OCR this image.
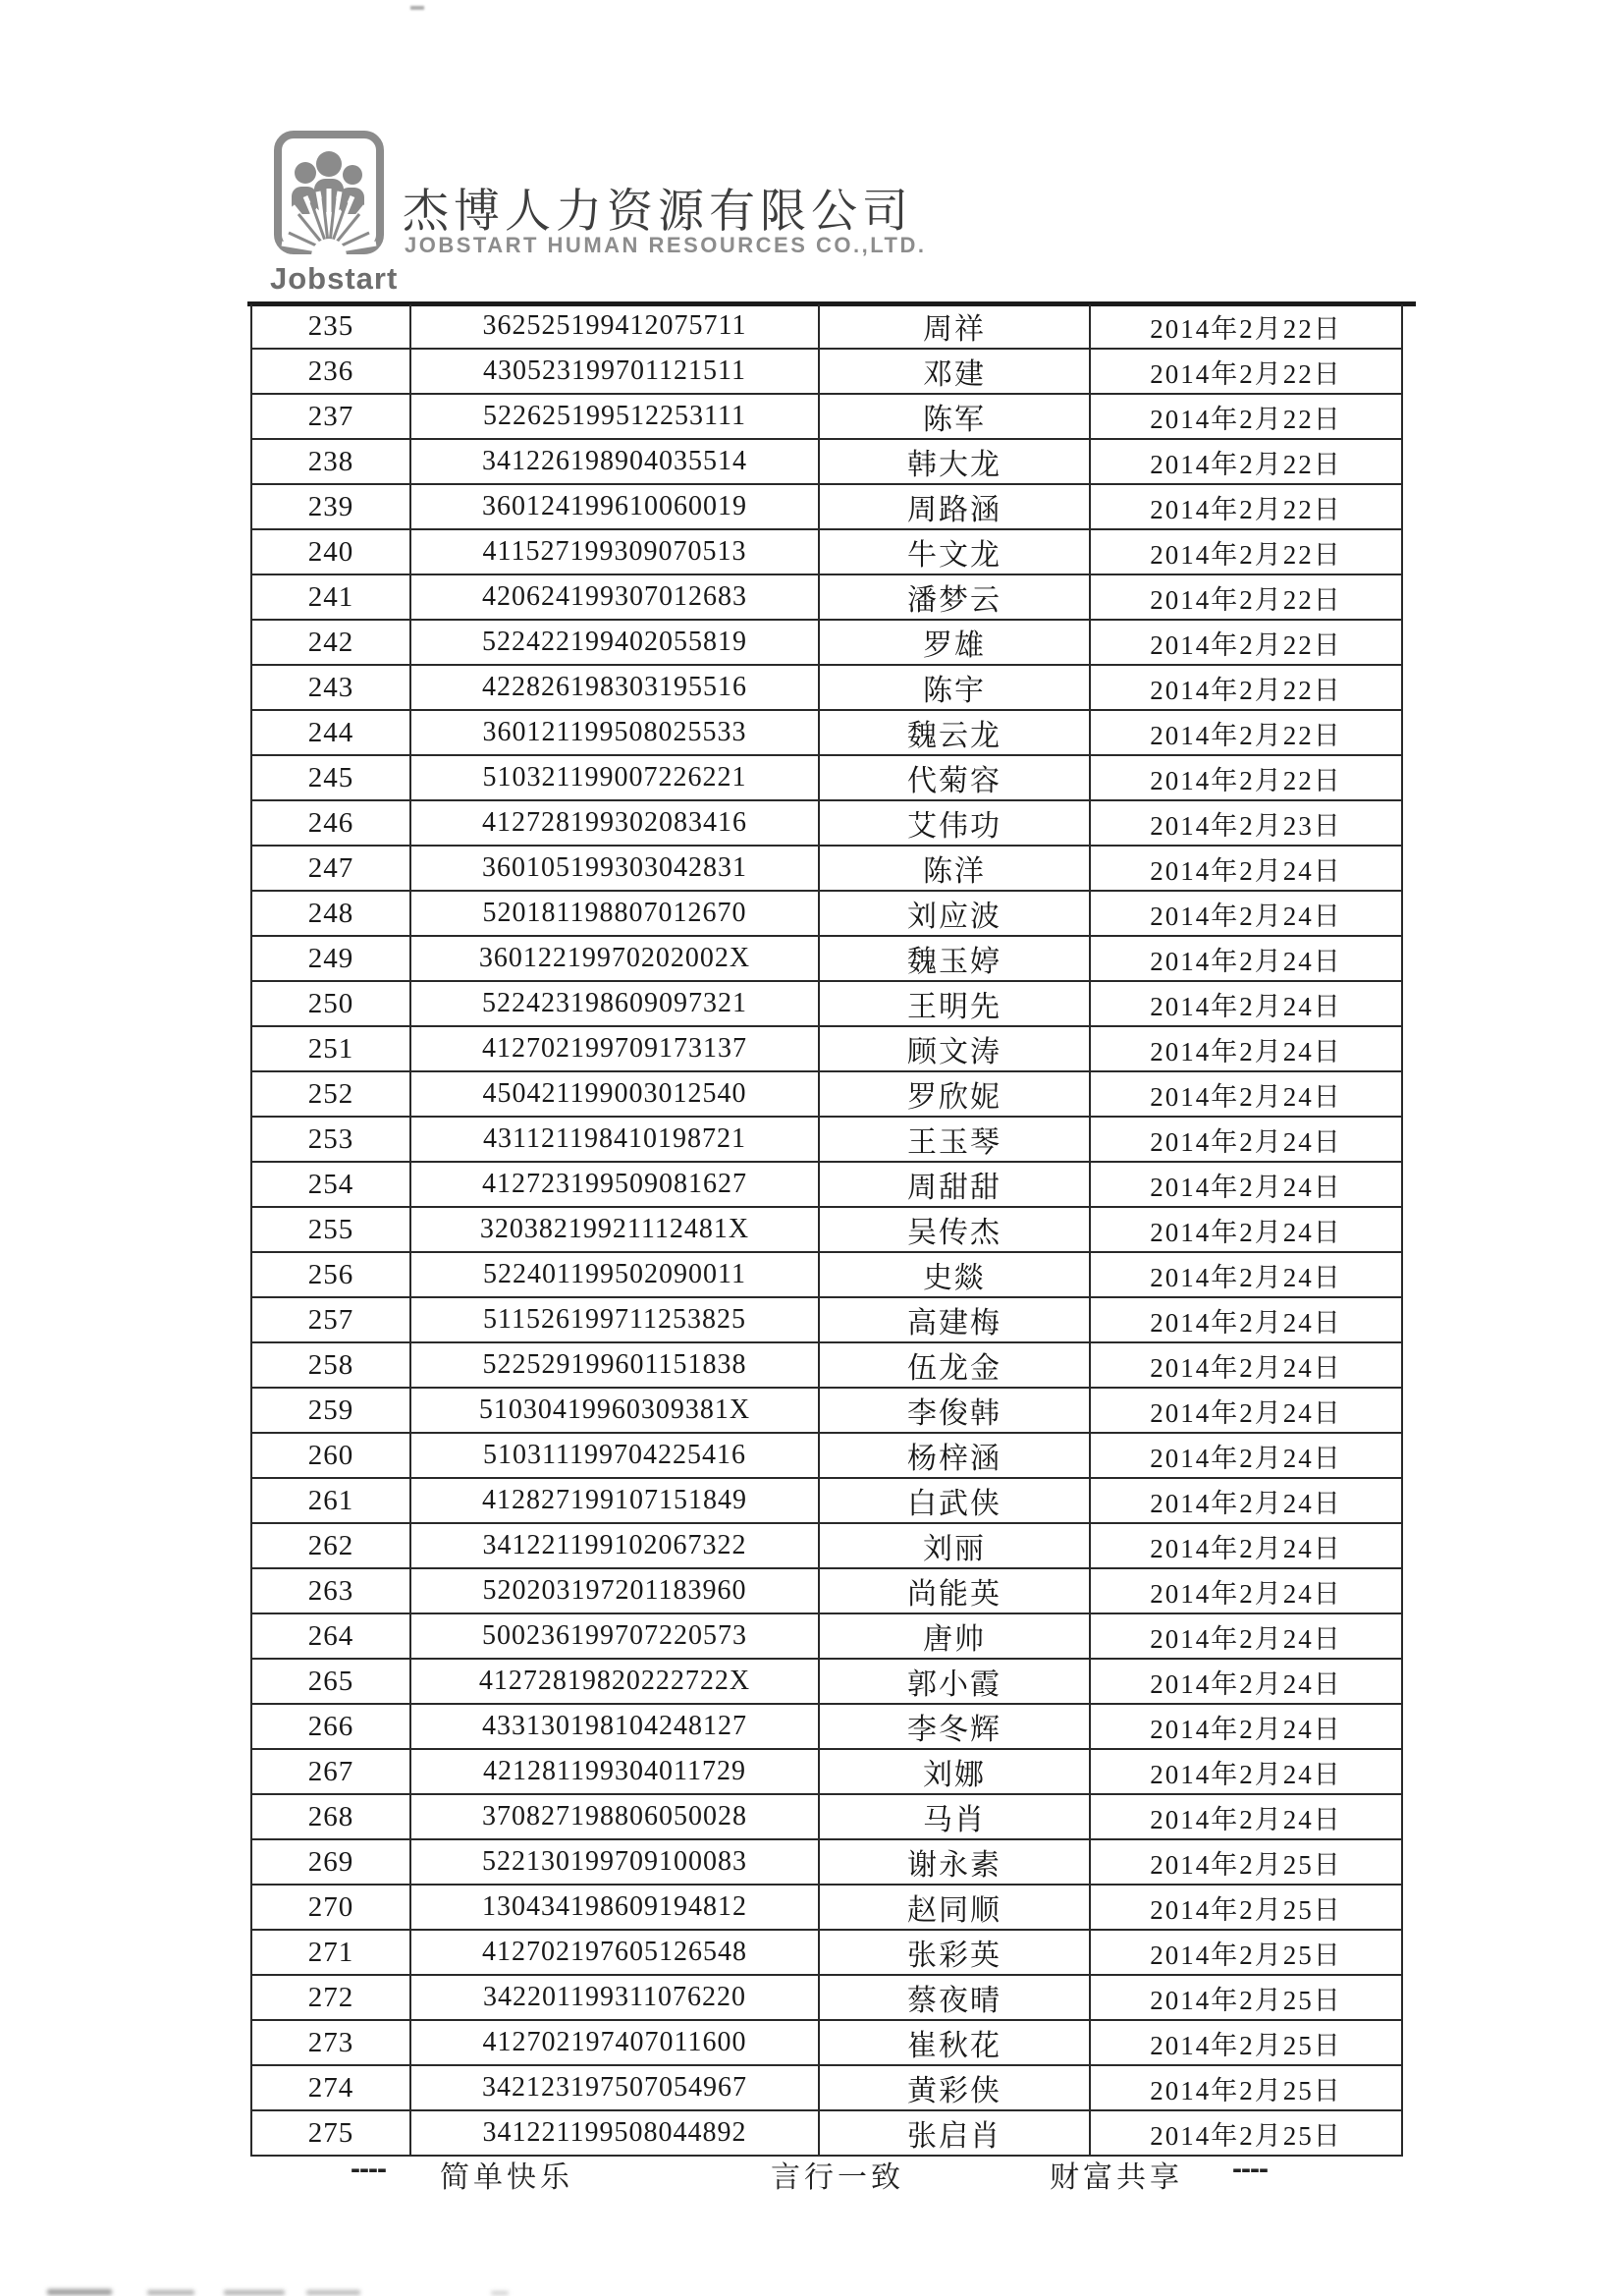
Jobstart
杰博人力资源有限公司
JOBSTART HUMAN RESOURCES CO.,LTD.
235	362525199412075711	周祥	2014年2月22日
236	430523199701121511	邓建	2014年2月22日
237	522625199512253111	陈军	2014年2月22日
238	341226198904035514	韩大龙	2014年2月22日
239	360124199610060019	周路涵	2014年2月22日
240	411527199309070513	牛文龙	2014年2月22日
241	420624199307012683	潘梦云	2014年2月22日
242	522422199402055819	罗雄	2014年2月22日
243	422826198303195516	陈宇	2014年2月22日
244	360121199508025533	魏云龙	2014年2月22日
245	510321199007226221	代菊容	2014年2月22日
246	412728199302083416	艾伟功	2014年2月23日
247	360105199303042831	陈洋	2014年2月24日
248	520181198807012670	刘应波	2014年2月24日
249	36012219970202002X	魏玉婷	2014年2月24日
250	522423198609097321	王明先	2014年2月24日
251	412702199709173137	顾文涛	2014年2月24日
252	450421199003012540	罗欣妮	2014年2月24日
253	431121198410198721	王玉琴	2014年2月24日
254	412723199509081627	周甜甜	2014年2月24日
255	32038219921112481X	吴传杰	2014年2月24日
256	522401199502090011	史燚	2014年2月24日
257	511526199711253825	高建梅	2014年2月24日
258	522529199601151838	伍龙金	2014年2月24日
259	51030419960309381X	李俊韩	2014年2月24日
260	510311199704225416	杨梓涵	2014年2月24日
261	412827199107151849	白武侠	2014年2月24日
262	341221199102067322	刘丽	2014年2月24日
263	520203197201183960	尚能英	2014年2月24日
264	500236199707220573	唐帅	2014年2月24日
265	41272819820222722X	郭小霞	2014年2月24日
266	433130198104248127	李冬辉	2014年2月24日
267	421281199304011729	刘娜	2014年2月24日
268	370827198806050028	马肖	2014年2月24日
269	522130199709100083	谢永素	2014年2月25日
270	130434198609194812	赵同顺	2014年2月25日
271	412702197605126548	张彩英	2014年2月25日
272	342201199311076220	蔡夜晴	2014年2月25日
273	412702197407011600	崔秋花	2014年2月25日
274	342123197507054967	黄彩侠	2014年2月25日
275	341221199508044892	张启肖	2014年2月25日
---- 简单快乐	言行一致	财富共享 ----
